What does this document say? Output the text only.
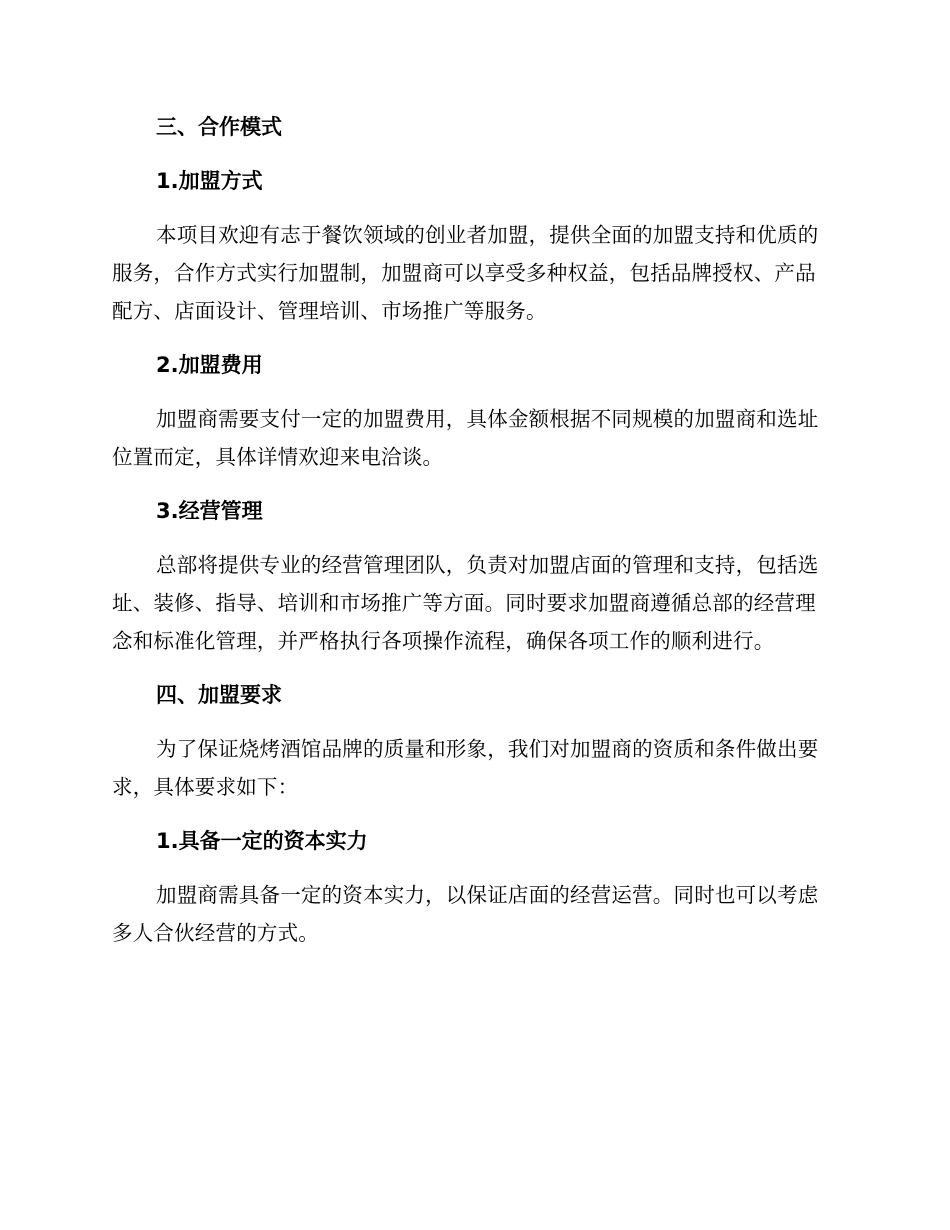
三、合作模式
1.加盟方式

本项目欢迎有志于餐饮领域的创业者加盟，提供全面的加盟支持和优质的服务，合作方式实行加盟制，加盟商可以享受多种权益，包括品牌授权、产品配方、店面设计、管理培训、市场推广等服务。

2.加盟费用

加盟商需要支付一定的加盟费用，具体金额根据不同规模的加盟商和选址位置而定，具体详情欢迎来电洽谈。

3.经营管理

总部将提供专业的经营管理团队，负责对加盟店面的管理和支持，包括选址、装修、指导、培训和市场推广等方面。同时要求加盟商遵循总部的经营理念和标准化管理，并严格执行各项操作流程，确保各项工作的顺利进行。

四、加盟要求

为了保证烧烤酒馆品牌的质量和形象，我们对加盟商的资质和条件做出要求，具体要求如下：

1.具备一定的资本实力

加盟商需具备一定的资本实力，以保证店面的经营运营。同时也可以考虑多人合伙经营的方式。
